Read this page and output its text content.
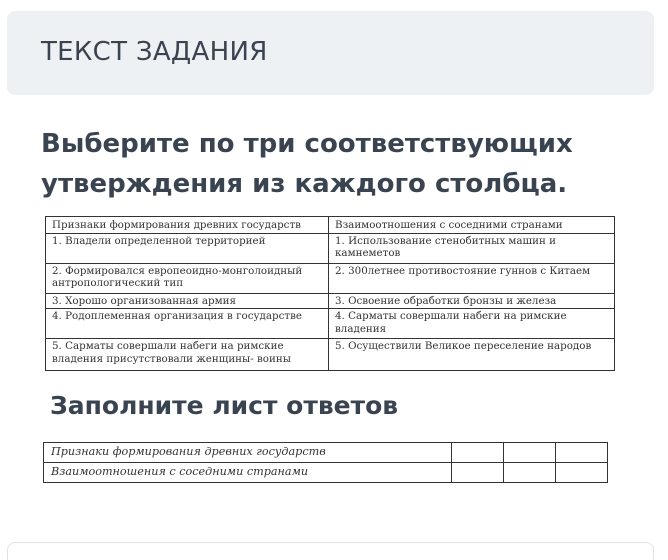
ТЕКСТ ЗАДАНИЯ
Выберите по три соответствующих утверждения из каждого столбца.
Признаки формирования древних государств	Взаимоотношения с соседними странами
1. Владели определенной территорией	1. Использование стенобитных машин и камнеметов
2. Формировался европеоидно-монголоидный антропологический тип	2. 300летнее противостояние гуннов с Китаем
3. Хорошо организованная армия	3. Освоение обработки бронзы и железа
4. Родоплеменная организация в государстве	4. Сарматы совершали набеги на римские владения
5. Сарматы совершали набеги на римские владения присутствовали женщины- воины	5. Осуществили Великое переселение народов
Заполните лист ответов
Признаки формирования древних государств			
Взаимоотношения с соседними странами			
